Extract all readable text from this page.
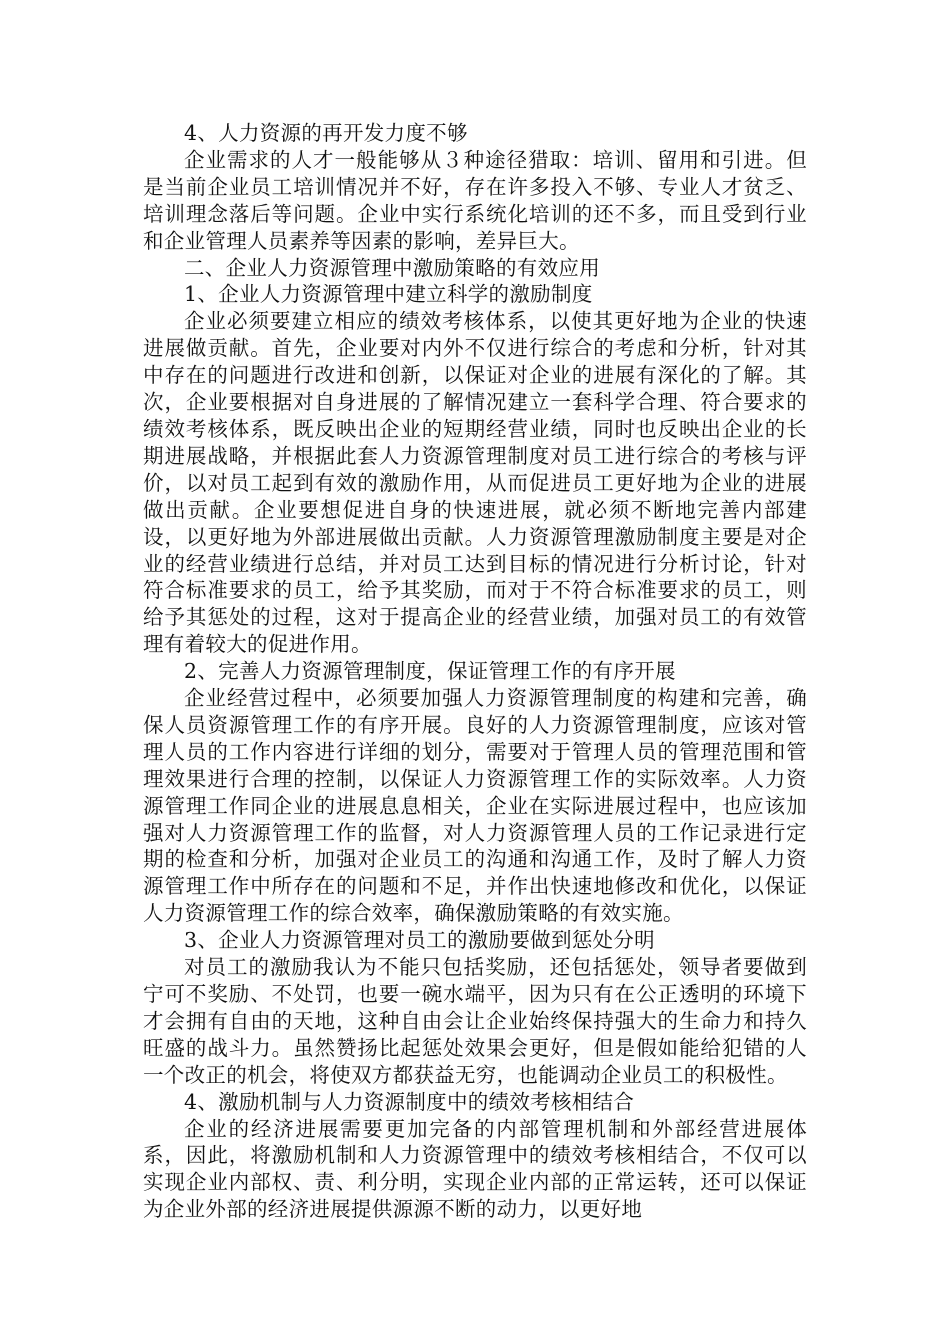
4、人力资源的再开发力度不够

企业需求的人才一般能够从３种途径猎取：培训、留用和引进。但是当前企业员工培训情况并不好，存在许多投入不够、专业人才贫乏、培训理念落后等问题。企业中实行系统化培训的还不多，而且受到行业和企业管理人员素养等因素的影响，差异巨大。

二、企业人力资源管理中激励策略的有效应用

1、企业人力资源管理中建立科学的激励制度

企业必须要建立相应的绩效考核体系，以使其更好地为企业的快速进展做贡献。首先，企业要对内外不仅进行综合的考虑和分析，针对其中存在的问题进行改进和创新，以保证对企业的进展有深化的了解。其次，企业要根据对自身进展的了解情况建立一套科学合理、符合要求的绩效考核体系，既反映出企业的短期经营业绩，同时也反映出企业的长期进展战略，并根据此套人力资源管理制度对员工进行综合的考核与评价，以对员工起到有效的激励作用，从而促进员工更好地为企业的进展做出贡献。企业要想促进自身的快速进展，就必须不断地完善内部建设，以更好地为外部进展做出贡献。人力资源管理激励制度主要是对企业的经营业绩进行总结，并对员工达到目标的情况进行分析讨论，针对符合标准要求的员工，给予其奖励，而对于不符合标准要求的员工，则给予其惩处的过程，这对于提高企业的经营业绩，加强对员工的有效管理有着较大的促进作用。

2、完善人力资源管理制度，保证管理工作的有序开展

企业经营过程中，必须要加强人力资源管理制度的构建和完善，确保人员资源管理工作的有序开展。良好的人力资源管理制度，应该对管理人员的工作内容进行详细的划分，需要对于管理人员的管理范围和管理效果进行合理的控制，以保证人力资源管理工作的实际效率。人力资源管理工作同企业的进展息息相关，企业在实际进展过程中，也应该加强对人力资源管理工作的监督，对人力资源管理人员的工作记录进行定期的检查和分析，加强对企业员工的沟通和沟通工作，及时了解人力资源管理工作中所存在的问题和不足，并作出快速地修改和优化，以保证人力资源管理工作的综合效率，确保激励策略的有效实施。

3、企业人力资源管理对员工的激励要做到惩处分明

对员工的激励我认为不能只包括奖励，还包括惩处，领导者要做到宁可不奖励、不处罚，也要一碗水端平，因为只有在公正透明的环境下才会拥有自由的天地，这种自由会让企业始终保持强大的生命力和持久旺盛的战斗力。虽然赞扬比起惩处效果会更好，但是假如能给犯错的人一个改正的机会，将使双方都获益无穷，也能调动企业员工的积极性。

4、激励机制与人力资源制度中的绩效考核相结合

企业的经济进展需要更加完备的内部管理机制和外部经营进展体系，因此，将激励机制和人力资源管理中的绩效考核相结合，不仅可以实现企业内部权、责、利分明，实现企业内部的正常运转，还可以保证为企业外部的经济进展提供源源不断的动力，以更好地
